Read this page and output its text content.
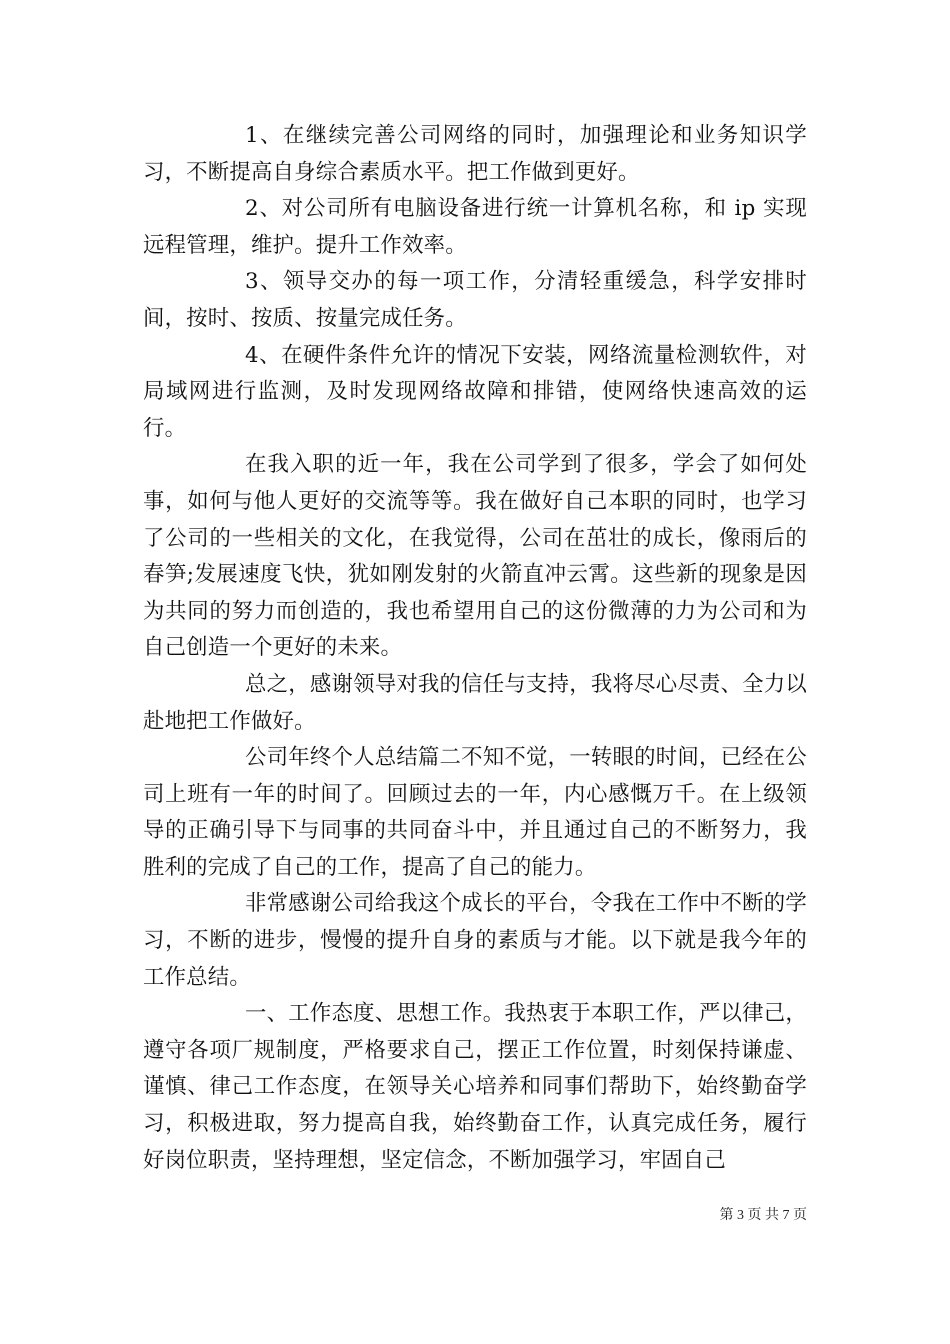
1、在继续完善公司网络的同时，加强理论和业务知识学习，不断提高自身综合素质水平。把工作做到更好。

2、对公司所有电脑设备进行统一计算机名称，和 ip 实现远程管理，维护。提升工作效率。

3、领导交办的每一项工作，分清轻重缓急，科学安排时间，按时、按质、按量完成任务。

4、在硬件条件允许的情况下安装，网络流量检测软件，对局域网进行监测，及时发现网络故障和排错，使网络快速高效的运行。

在我入职的近一年，我在公司学到了很多，学会了如何处事，如何与他人更好的交流等等。我在做好自己本职的同时，也学习了公司的一些相关的文化，在我觉得，公司在茁壮的成长，像雨后的春笋;发展速度飞快，犹如刚发射的火箭直冲云霄。这些新的现象是因为共同的努力而创造的，我也希望用自己的这份微薄的力为公司和为自己创造一个更好的未来。

总之，感谢领导对我的信任与支持，我将尽心尽责、全力以赴地把工作做好。

公司年终个人总结篇二不知不觉，一转眼的时间，已经在公司上班有一年的时间了。回顾过去的一年，内心感慨万千。在上级领导的正确引导下与同事的共同奋斗中，并且通过自己的不断努力，我胜利的完成了自己的工作，提高了自己的能力。

非常感谢公司给我这个成长的平台，令我在工作中不断的学习，不断的进步，慢慢的提升自身的素质与才能。以下就是我今年的工作总结。

一、工作态度、思想工作。我热衷于本职工作，严以律己，遵守各项厂规制度，严格要求自己，摆正工作位置，时刻保持谦虚、谨慎、律己工作态度，在领导关心培养和同事们帮助下，始终勤奋学习，积极进取，努力提高自我，始终勤奋工作，认真完成任务，履行好岗位职责，坚持理想，坚定信念，不断加强学习，牢固自己

第 3 页 共 7 页
